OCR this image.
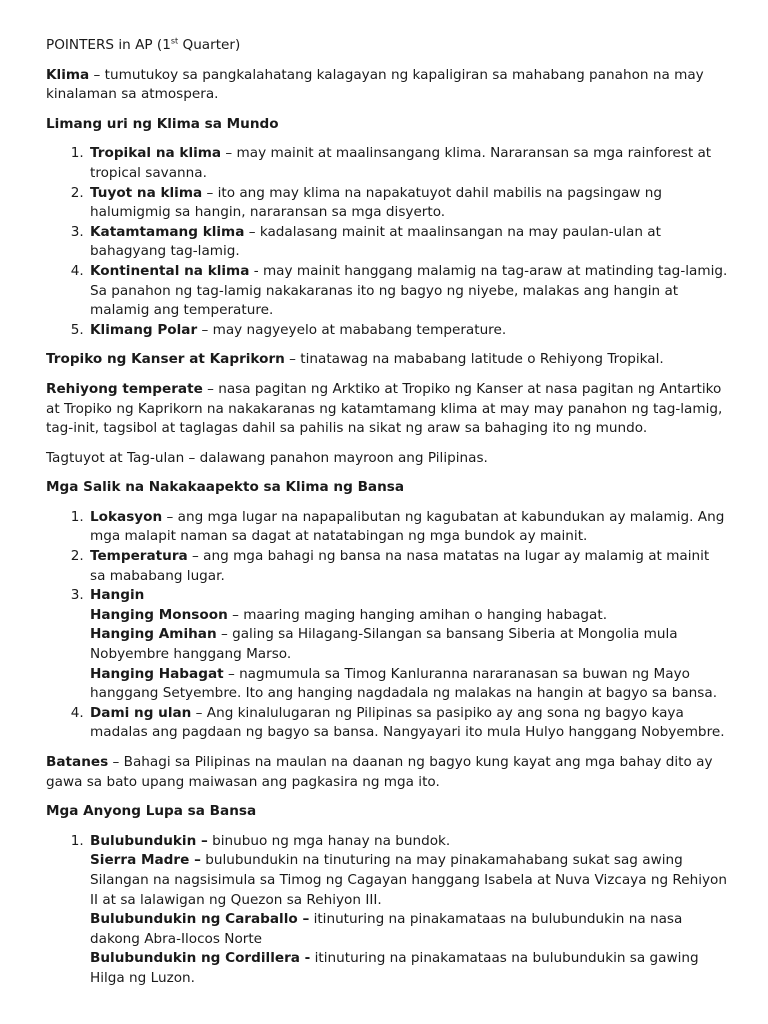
POINTERS in AP (1st Quarter)

Klima – tumutukoy sa pangkalahatang kalagayan ng kapaligiran sa mahabang panahon na may kinalaman sa atmospera.

Limang uri ng Klima sa Mundo

1. Tropikal na klima – may mainit at maalinsangang klima. Nararansan sa mga rainforest at tropical savanna.
2. Tuyot na klima – ito ang may klima na napakatuyot dahil mabilis na pagsingaw ng halumigmig sa hangin, nararansan sa mga disyerto.
3. Katamtamang klima – kadalasang mainit at maalinsangan na may paulan-ulan at bahagyang tag-lamig.
4. Kontinental na klima - may mainit hanggang malamig na tag-araw at matinding tag-lamig. Sa panahon ng tag-lamig nakakaranas ito ng bagyo ng niyebe, malakas ang hangin at malamig ang temperature.
5. Klimang Polar – may nagyeyelo at mababang temperature.

Tropiko ng Kanser at Kaprikorn – tinatawag na mababang latitude o Rehiyong Tropikal.

Rehiyong temperate – nasa pagitan ng Arktiko at Tropiko ng Kanser at nasa pagitan ng Antartiko at Tropiko ng Kaprikorn na nakakaranas ng katamtamang klima at may may panahon ng tag-lamig, tag-init, tagsibol at taglagas dahil sa pahilis na sikat ng araw sa bahaging ito ng mundo.

Tagtuyot at Tag-ulan – dalawang panahon mayroon ang Pilipinas.

Mga Salik na Nakakaapekto sa Klima ng Bansa

1. Lokasyon – ang mga lugar na napapalibutan ng kagubatan at kabundukan ay malamig. Ang mga malapit naman sa dagat at natatabingan ng mga bundok ay mainit.
2. Temperatura – ang mga bahagi ng bansa na nasa matatas na lugar ay malamig at mainit sa mababang lugar.
3. Hangin
Hanging Monsoon – maaring maging hanging amihan o hanging habagat.
Hanging Amihan – galing sa Hilagang-Silangan sa bansang Siberia at Mongolia mula Nobyembre hanggang Marso.
Hanging Habagat – nagmumula sa Timog Kanluranna nararanasan sa buwan ng Mayo hanggang Setyembre. Ito ang hanging nagdadala ng malakas na hangin at bagyo sa bansa.
4. Dami ng ulan – Ang kinalulugaran ng Pilipinas sa pasipiko ay ang sona ng bagyo kaya madalas ang pagdaan ng bagyo sa bansa. Nangyayari ito mula Hulyo hanggang Nobyembre.

Batanes – Bahagi sa Pilipinas na maulan na daanan ng bagyo kung kayat ang mga bahay dito ay gawa sa bato upang maiwasan ang pagkasira ng mga ito.

Mga Anyong Lupa sa Bansa

1. Bulubundukin – binubuo ng mga hanay na bundok.
Sierra Madre – bulubundukin na tinuturing na may pinakamahabang sukat sag awing Silangan na nagsisimula sa Timog ng Cagayan hanggang Isabela at Nuva Vizcaya ng Rehiyon II at sa lalawigan ng Quezon sa Rehiyon III.
Bulubundukin ng Caraballo – itinuturing na pinakamataas na bulubundukin na nasa dakong Abra-Ilocos Norte
Bulubundukin ng Cordillera - itinuturing na pinakamataas na bulubundukin sa gawing Hilga ng Luzon.
